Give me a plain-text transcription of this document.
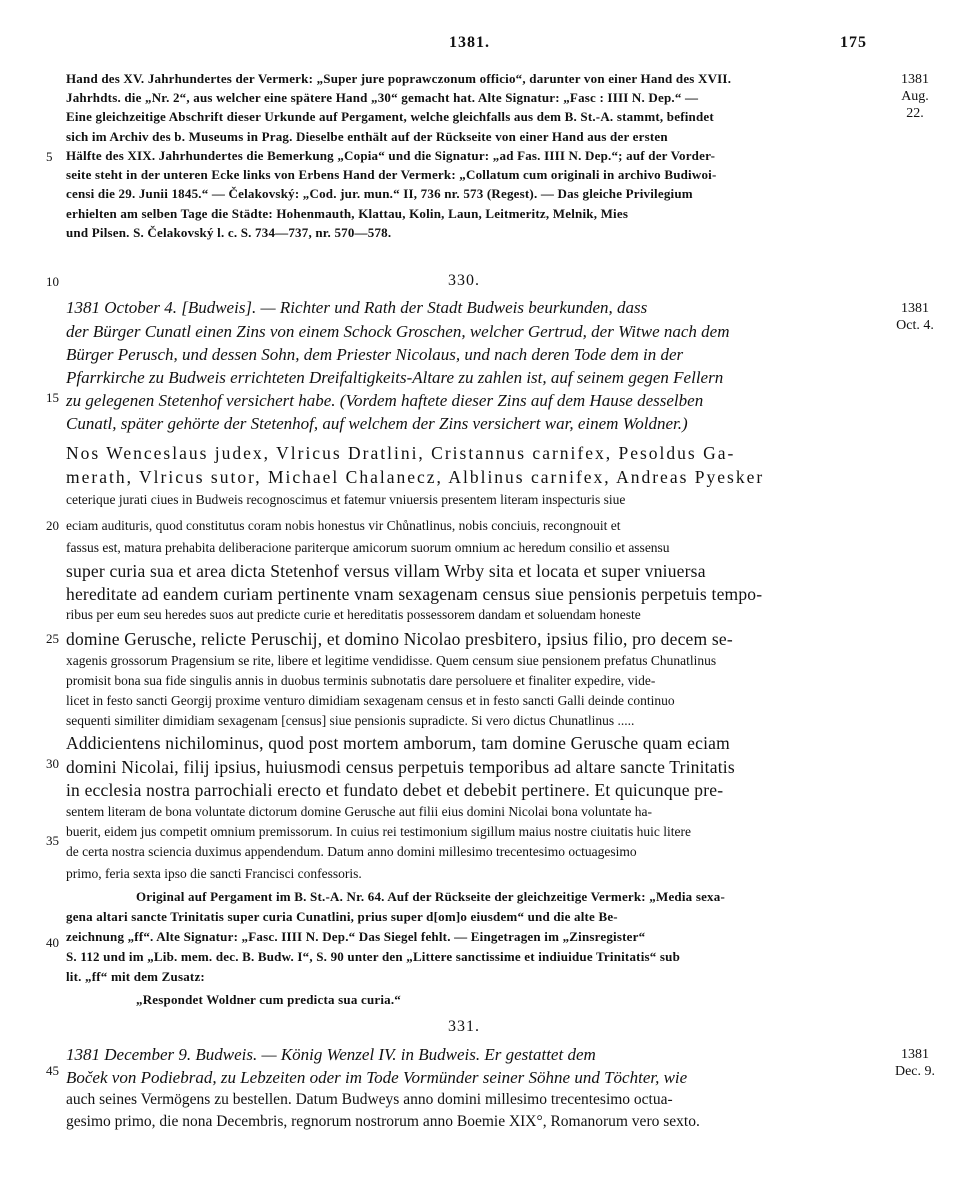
1381.	175
Hand des XV. Jahrhundertes der Vermerk: „Super jure poprawczonum officio“, darunter von einer Hand des XVII.
Jahrhdts. die „Nr. 2“, aus welcher eine spätere Hand „30“ gemacht hat. Alte Signatur: „Fasc : IIII N. Dep.“ —
Eine gleichzeitige Abschrift dieser Urkunde auf Pergament, welche gleichfalls aus dem B. St.-A. stammt, befindet
sich im Archiv des b. Museums in Prag. Dieselbe enthält auf der Rückseite von einer Hand aus der ersten
Hälfte des XIX. Jahrhundertes die Bemerkung „Copia“ und die Signatur: „ad Fas. IIII N. Dep.“; auf der Vorder-
seite steht in der unteren Ecke links von Erbens Hand der Vermerk: „Collatum cum originali in archivo Budiwoi-
censi die 29. Junii 1845.“ — Čelakovský: „Cod. jur. mun.“ II, 736 nr. 573 (Regest). — Das gleiche Privilegium
erhielten am selben Tage die Städte: Hohenmauth, Klattau, Kolin, Laun, Leitmeritz, Melnik, Mies
und Pilsen. S. Čelakovský l. c. S. 734—737, nr. 570—578.
1381
Aug. 22.
5
10
15
20
25
30
35
40
45
330.
1381
Oct. 4.
1381 October 4. [Budweis]. — Richter und Rath der Stadt Budweis beurkunden, dass
der Bürger Cunatl einen Zins von einem Schock Groschen, welcher Gertrud, der Witwe nach dem
Bürger Perusch, und dessen Sohn, dem Priester Nicolaus, und nach deren Tode dem in der
Pfarrkirche zu Budweis errichteten Dreifaltigkeits-Altare zu zahlen ist, auf seinem gegen Fellern
zu gelegenen Stetenhof versichert habe. (Vordem haftete dieser Zins auf dem Hause desselben
Cunatl, später gehörte der Stetenhof, auf welchem der Zins versichert war, einem Woldner.)
Nos Wenceslaus judex, Vlricus Dratlini, Cristannus carnifex, Pesoldus Ga-
merath, Vlricus sutor, Michael Chalanecz, Alblinus carnifex, Andreas Pyesker
ceterique jurati ciues in Budweis recognoscimus et fatemur vniuersis presentem literam inspecturis siue
eciam audituris, quod constitutus coram nobis honestus vir Chůnatlinus, nobis conciuis, recongnouit et
fassus est, matura prehabita deliberacione pariterque amicorum suorum omnium ac heredum consilio et assensu
super curia sua et area dicta Stetenhof versus villam Wrby sita et locata et super vniuersa
hereditate ad eandem curiam pertinente vnam sexagenam census siue pensionis perpetuis tempo-
ribus per eum seu heredes suos aut predicte curie et hereditatis possessorem dandam et soluendam honeste
domine Gerusche, relicte Peruschij, et domino Nicolao presbitero, ipsius filio, pro decem se-
xagenis grossorum Pragensium se rite, libere et legitime vendidisse. Quem censum siue pensionem prefatus Chunatlinus
promisit bona sua fide singulis annis in duobus terminis subnotatis dare persoluere et finaliter expedire, vide-
licet in festo sancti Georgij proxime venturo dimidiam sexagenam census et in festo sancti Galli deinde continuo
sequenti similiter dimidiam sexagenam [census] siue pensionis supradicte. Si vero dictus Chunatlinus .....
Addicientens nichilominus, quod post mortem amborum, tam domine Gerusche quam eciam
domini Nicolai, filij ipsius, huiusmodi census perpetuis temporibus ad altare sancte Trinitatis
in ecclesia nostra parrochiali erecto et fundato debet et debebit pertinere. Et quicunque pre-
sentem literam de bona voluntate dictorum domine Gerusche aut filii eius domini Nicolai bona voluntate ha-
buerit, eidem jus competit omnium premissorum. In cuius rei testimonium sigillum maius nostre ciuitatis huic litere
de certa nostra sciencia duximus appendendum. Datum anno domini millesimo trecentesimo octuagesimo
primo, feria sexta ipso die sancti Francisci confessoris.
Original auf Pergament im B. St.-A. Nr. 64. Auf der Rückseite der gleichzeitige Vermerk: „Media sexa-
gena altari sancte Trinitatis super curia Cunatlini, prius super d[om]o eiusdem“ und die alte Be-
zeichnung „ff“. Alte Signatur: „Fasc. IIII N. Dep.“ Das Siegel fehlt. — Eingetragen im „Zinsregister“
S. 112 und im „Lib. mem. dec. B. Budw. I“, S. 90 unter den „Littere sanctissime et indiuidue Trinitatis“ sub
lit. „ff“ mit dem Zusatz:
„Respondet Woldner cum predicta sua curia.“
331.
1381
Dec. 9.
1381 December 9. Budweis. — König Wenzel IV. in Budweis. Er gestattet dem
Boček von Podiebrad, zu Lebzeiten oder im Tode Vormünder seiner Söhne und Töchter, wie
auch seines Vermögens zu bestellen. Datum Budweys anno domini millesimo trecentesimo octua-
gesimo primo, die nona Decembris, regnorum nostrorum anno Boemie XIX°, Romanorum vero sexto.
